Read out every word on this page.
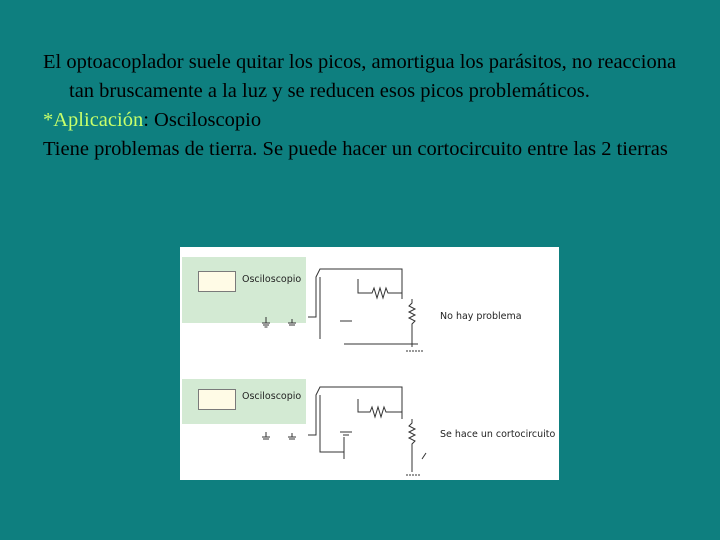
El optoacoplador suele quitar los picos, amortigua los parásitos, no reacciona tan bruscamente a la luz y se reducen esos picos problemáticos.

*Aplicación: Osciloscopio

Tiene problemas de tierra. Se puede hacer un cortocircuito entre las 2 tierras

Osciloscopio
Osciloscopio
No hay problema
Se hace un cortocircuito
